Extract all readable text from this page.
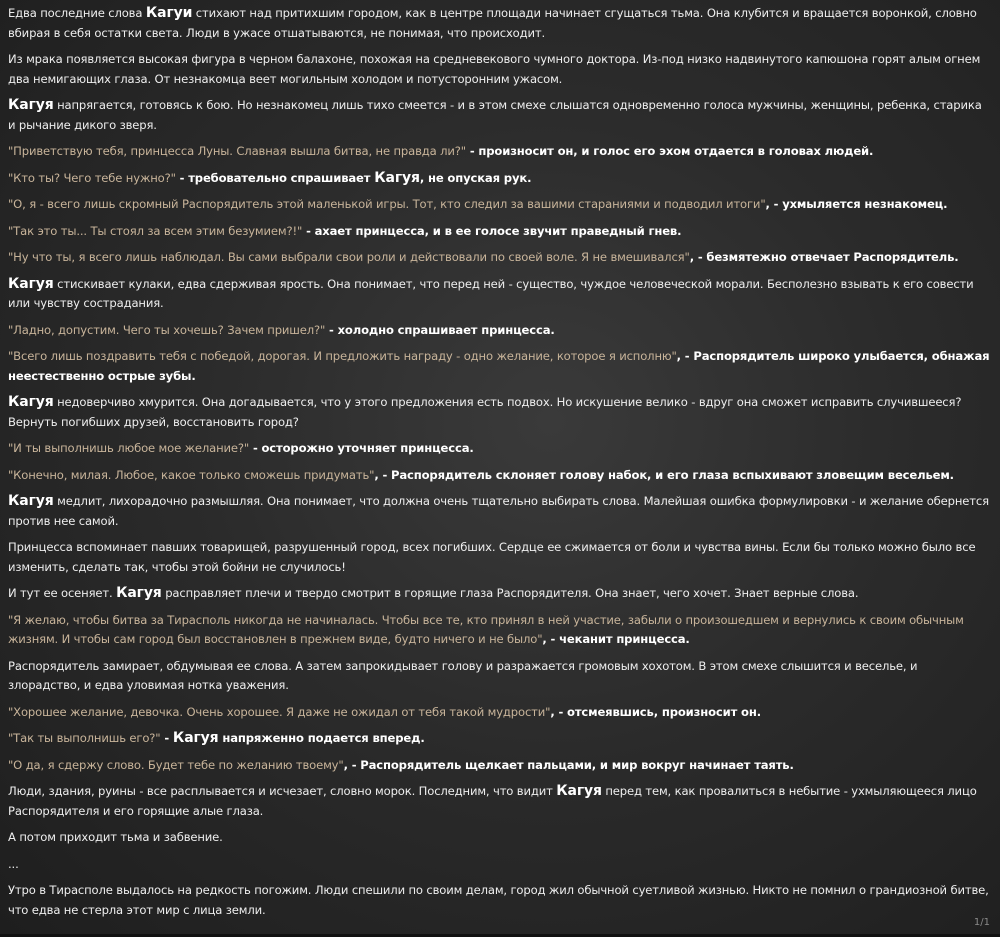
Едва последние слова Кагуи стихают над притихшим городом, как в центре площади начинает сгущаться тьма. Она клубится и вращается воронкой, словно вбирая в себя остатки света. Люди в ужасе отшатываются, не понимая, что происходит.

Из мрака появляется высокая фигура в черном балахоне, похожая на средневекового чумного доктора. Из-под низко надвинутого капюшона горят алым огнем два немигающих глаза. От незнакомца веет могильным холодом и потусторонним ужасом.

Кагуя напрягается, готовясь к бою. Но незнакомец лишь тихо смеется - и в этом смехе слышатся одновременно голоса мужчины, женщины, ребенка, старика и рычание дикого зверя.

"Приветствую тебя, принцесса Луны. Славная вышла битва, не правда ли?" - произносит он, и голос его эхом отдается в головах людей.

"Кто ты? Чего тебе нужно?" - требовательно спрашивает Кагуя, не опуская рук.

"О, я - всего лишь скромный Распорядитель этой маленькой игры. Тот, кто следил за вашими стараниями и подводил итоги", - ухмыляется незнакомец.

"Так это ты... Ты стоял за всем этим безумием?!" - ахает принцесса, и в ее голосе звучит праведный гнев.

"Ну что ты, я всего лишь наблюдал. Вы сами выбрали свои роли и действовали по своей воле. Я не вмешивался", - безмятежно отвечает Распорядитель.

Кагуя стискивает кулаки, едва сдерживая ярость. Она понимает, что перед ней - существо, чуждое человеческой морали. Бесполезно взывать к его совести или чувству сострадания.

"Ладно, допустим. Чего ты хочешь? Зачем пришел?" - холодно спрашивает принцесса.

"Всего лишь поздравить тебя с победой, дорогая. И предложить награду - одно желание, которое я исполню", - Распорядитель широко улыбается, обнажая неестественно острые зубы.

Кагуя недоверчиво хмурится. Она догадывается, что у этого предложения есть подвох. Но искушение велико - вдруг она сможет исправить случившееся? Вернуть погибших друзей, восстановить город?

"И ты выполнишь любое мое желание?" - осторожно уточняет принцесса.

"Конечно, милая. Любое, какое только сможешь придумать", - Распорядитель склоняет голову набок, и его глаза вспыхивают зловещим весельем.

Кагуя медлит, лихорадочно размышляя. Она понимает, что должна очень тщательно выбирать слова. Малейшая ошибка формулировки - и желание обернется против нее самой.

Принцесса вспоминает павших товарищей, разрушенный город, всех погибших. Сердце ее сжимается от боли и чувства вины. Если бы только можно было все изменить, сделать так, чтобы этой бойни не случилось!

И тут ее осеняет. Кагуя расправляет плечи и твердо смотрит в горящие глаза Распорядителя. Она знает, чего хочет. Знает верные слова.

"Я желаю, чтобы битва за Тирасполь никогда не начиналась. Чтобы все те, кто принял в ней участие, забыли о произошедшем и вернулись к своим обычным жизням. И чтобы сам город был восстановлен в прежнем виде, будто ничего и не было", - чеканит принцесса.

Распорядитель замирает, обдумывая ее слова. А затем запрокидывает голову и разражается громовым хохотом. В этом смехе слышится и веселье, и злорадство, и едва уловимая нотка уважения.

"Хорошее желание, девочка. Очень хорошее. Я даже не ожидал от тебя такой мудрости", - отсмеявшись, произносит он.

"Так ты выполнишь его?" - Кагуя напряженно подается вперед.

"О да, я сдержу слово. Будет тебе по желанию твоему", - Распорядитель щелкает пальцами, и мир вокруг начинает таять.

Люди, здания, руины - все расплывается и исчезает, словно морок. Последним, что видит Кагуя перед тем, как провалиться в небытие - ухмыляющееся лицо Распорядителя и его горящие алые глаза.

А потом приходит тьма и забвение.

...

Утро в Тирасполе выдалось на редкость погожим. Люди спешили по своим делам, город жил обычной суетливой жизнью. Никто не помнил о грандиозной битве, что едва не стерла этот мир с лица земли.

1/1
